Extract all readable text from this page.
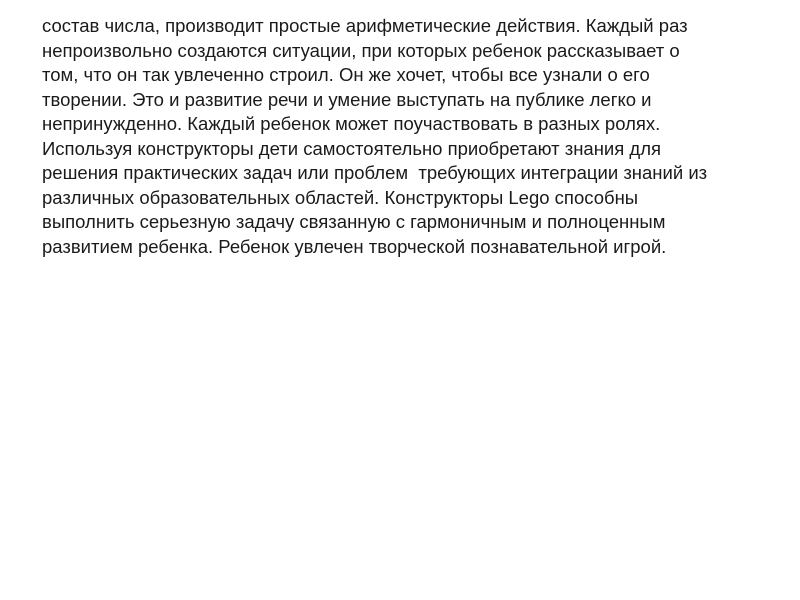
состав числа, производит простые арифметические действия. Каждый раз
непроизвольно создаются ситуации, при которых ребенок рассказывает о
том, что он так увлеченно строил. Он же хочет, чтобы все узнали о его
творении. Это и развитие речи и умение выступать на публике легко и
непринужденно. Каждый ребенок может поучаствовать в разных ролях.
Используя конструкторы дети самостоятельно приобретают знания для
решения практических задач или проблем  требующих интеграции знаний из
различных образовательных областей. Конструкторы Lego способны
выполнить серьезную задачу связанную с гармоничным и полноценным
развитием ребенка. Ребенок увлечен творческой познавательной игрой.
